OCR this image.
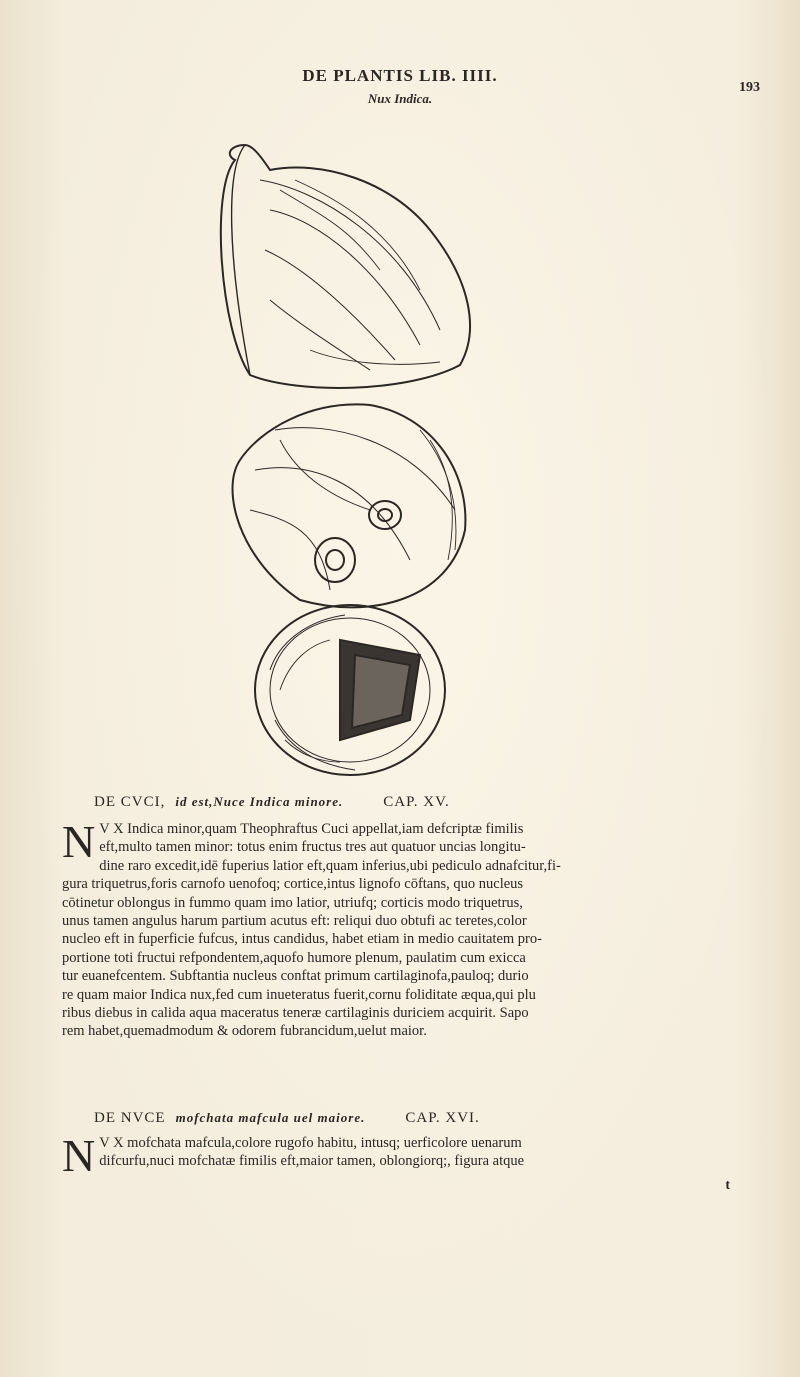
DE PLANTIS LIB. IIII.
Nux Indica.
193
DE CVCI, id est,Nuce Indica minore.	CAP. XV.
N V X Indica minor,quam Theophraftus Cuci appellat,iam defcriptæ fimilis
eft,multo tamen minor: totus enim fructus tres aut quatuor uncias longitu-
dine raro excedit,idē fuperius latior eft,quam inferius,ubi pediculo adnafcitur,fi-
gura triquetrus,foris carnofo uenofoq; cortice,intus lignofo cōftans, quo nucleus
cōtinetur oblongus in fummo quam imo latior, utriufq; corticis modo triquetrus,
unus tamen angulus harum partium acutus eft: reliqui duo obtufi ac teretes,color
nucleo eft in fuperficie fufcus, intus candidus, habet etiam in medio cauitatem pro-
portione toti fructui refpondentem,aquofo humore plenum, paulatim cum exicca
tur euanefcentem. Subftantia nucleus conftat primum cartilaginofa,pauloq; durio
re quam maior Indica nux,fed cum inueteratus fuerit,cornu foliditate æqua,qui plu
ribus diebus in calida aqua maceratus teneræ cartilaginis duriciem acquirit. Sapo
rem habet,quemadmodum & odorem fubrancidum,uelut maior.
DE NVCE mofchata mafcula uel maiore.	CAP. XVI.
N V X mofchata mafcula,colore rugofo habitu, intusq; uerficolore uenarum
difcurfu,nuci mofchatæ fimilis eft,maior tamen, oblongiorq;, figura atque
t
